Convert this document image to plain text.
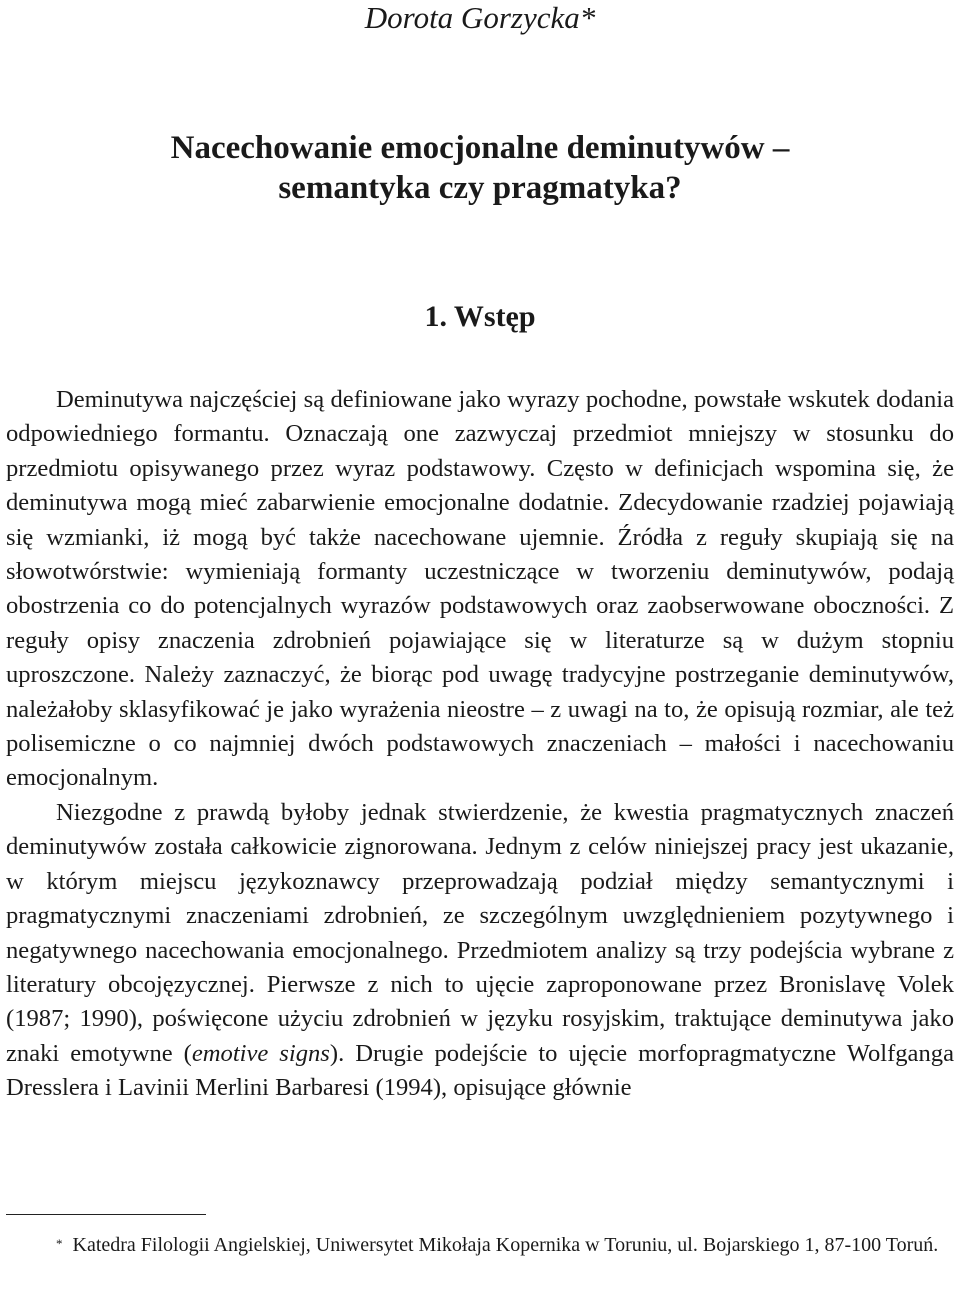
Dorota Gorzycka*
Nacechowanie emocjonalne deminutywów –
semantyka czy pragmatyka?
1. Wstęp

Deminutywa najczęściej są definiowane jako wyrazy pochodne, powstałe wskutek dodania odpowiedniego formantu. Oznaczają one zazwyczaj przedmiot mniejszy w stosunku do przedmiotu opisywanego przez wyraz podstawowy. Często w definicjach wspomina się, że deminutywa mogą mieć zabarwienie emocjonalne dodatnie. Zdecydowanie rzadziej pojawiają się wzmianki, iż mogą być także nacechowane ujemnie. Źródła z reguły skupiają się na słowotwórstwie: wymieniają formanty uczestniczące w tworzeniu deminutywów, podają obostrzenia co do potencjalnych wyrazów podstawowych oraz zaobserwowane oboczności. Z reguły opisy znaczenia zdrobnień pojawiające się w literaturze są w dużym stopniu uproszczone. Należy zaznaczyć, że biorąc pod uwagę tradycyjne postrzeganie deminutywów, należałoby sklasyfikować je jako wyrażenia nieostre – z uwagi na to, że opisują rozmiar, ale też polisemiczne o co najmniej dwóch podstawowych znaczeniach – małości i nacechowaniu emocjonalnym.

Niezgodne z prawdą byłoby jednak stwierdzenie, że kwestia pragmatycznych znaczeń deminutywów została całkowicie zignorowana. Jednym z celów niniejszej pracy jest ukazanie, w którym miejscu językoznawcy przeprowadzają podział między semantycznymi i pragmatycznymi znaczeniami zdrobnień, ze szczególnym uwzględnieniem pozytywnego i negatywnego nacechowania emocjonalnego. Przedmiotem analizy są trzy podejścia wybrane z literatury obcojęzycznej. Pierwsze z nich to ujęcie zaproponowane przez Bronislavę Volek (1987; 1990), poświęcone użyciu zdrobnień w języku rosyjskim, traktujące deminutywa jako znaki emotywne (emotive signs). Drugie podejście to ujęcie morfopragmatyczne Wolfganga Dresslera i Lavinii Merlini Barbaresi (1994), opisujące głównie

* Katedra Filologii Angielskiej, Uniwersytet Mikołaja Kopernika w Toruniu, ul. Bojarskiego 1, 87-100 Toruń.
